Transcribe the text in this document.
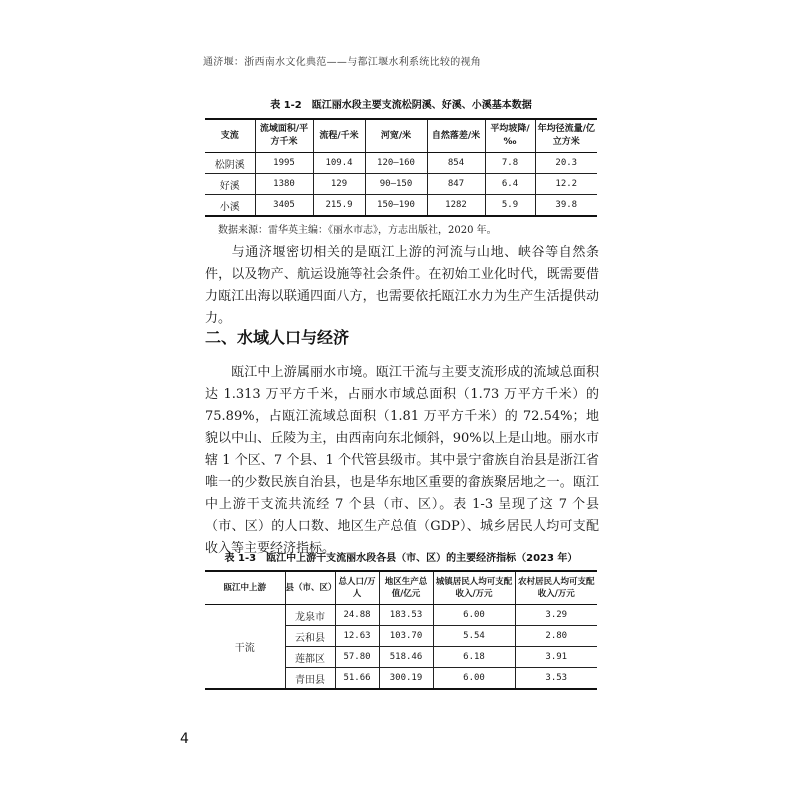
通济堰：浙西南水文化典范——与都江堰水利系统比较的视角
表 1-2 瓯江丽水段主要支流松阴溪、好溪、小溪基本数据
支流	流域面积/平方千米	流程/千米	河宽/米	自然落差/米	平均坡降/‰	年均径流量/亿立方米
松阴溪	1995	109.4	120—160	854	7.8	20.3
好溪	1380	129	90—150	847	6.4	12.2
小溪	3405	215.9	150—190	1282	5.9	39.8
数据来源：雷华英主编：《丽水市志》，方志出版社，2020 年。
与通济堰密切相关的是瓯江上游的河流与山地、峡谷等自然条件，以及物产、航运设施等社会条件。在初始工业化时代，既需要借力瓯江出海以联通四面八方，也需要依托瓯江水力为生产生活提供动力。
二、水域人口与经济
瓯江中上游属丽水市境。瓯江干流与主要支流形成的流域总面积达 1.313 万平方千米，占丽水市域总面积（1.73 万平方千米）的 75.89%，占瓯江流域总面积（1.81 万平方千米）的 72.54%；地貌以中山、丘陵为主，由西南向东北倾斜，90%以上是山地。丽水市辖 1 个区、7 个县、1 个代管县级市。其中景宁畲族自治县是浙江省唯一的少数民族自治县，也是华东地区重要的畲族聚居地之一。瓯江中上游干支流共流经 7 个县（市、区）。表 1-3 呈现了这 7 个县（市、区）的人口数、地区生产总值（GDP）、城乡居民人均可支配收入等主要经济指标。
表 1-3 瓯江中上游干支流丽水段各县（市、区）的主要经济指标（2023 年）
瓯江中上游	县（市、区）	总人口/万人	地区生产总值/亿元	城镇居民人均可支配收入/万元	农村居民人均可支配收入/万元
干流	龙泉市	24.88	183.53	6.00	3.29
	云和县	12.63	103.70	5.54	2.80
	莲都区	57.80	518.46	6.18	3.91
	青田县	51.66	300.19	6.00	3.53
4
